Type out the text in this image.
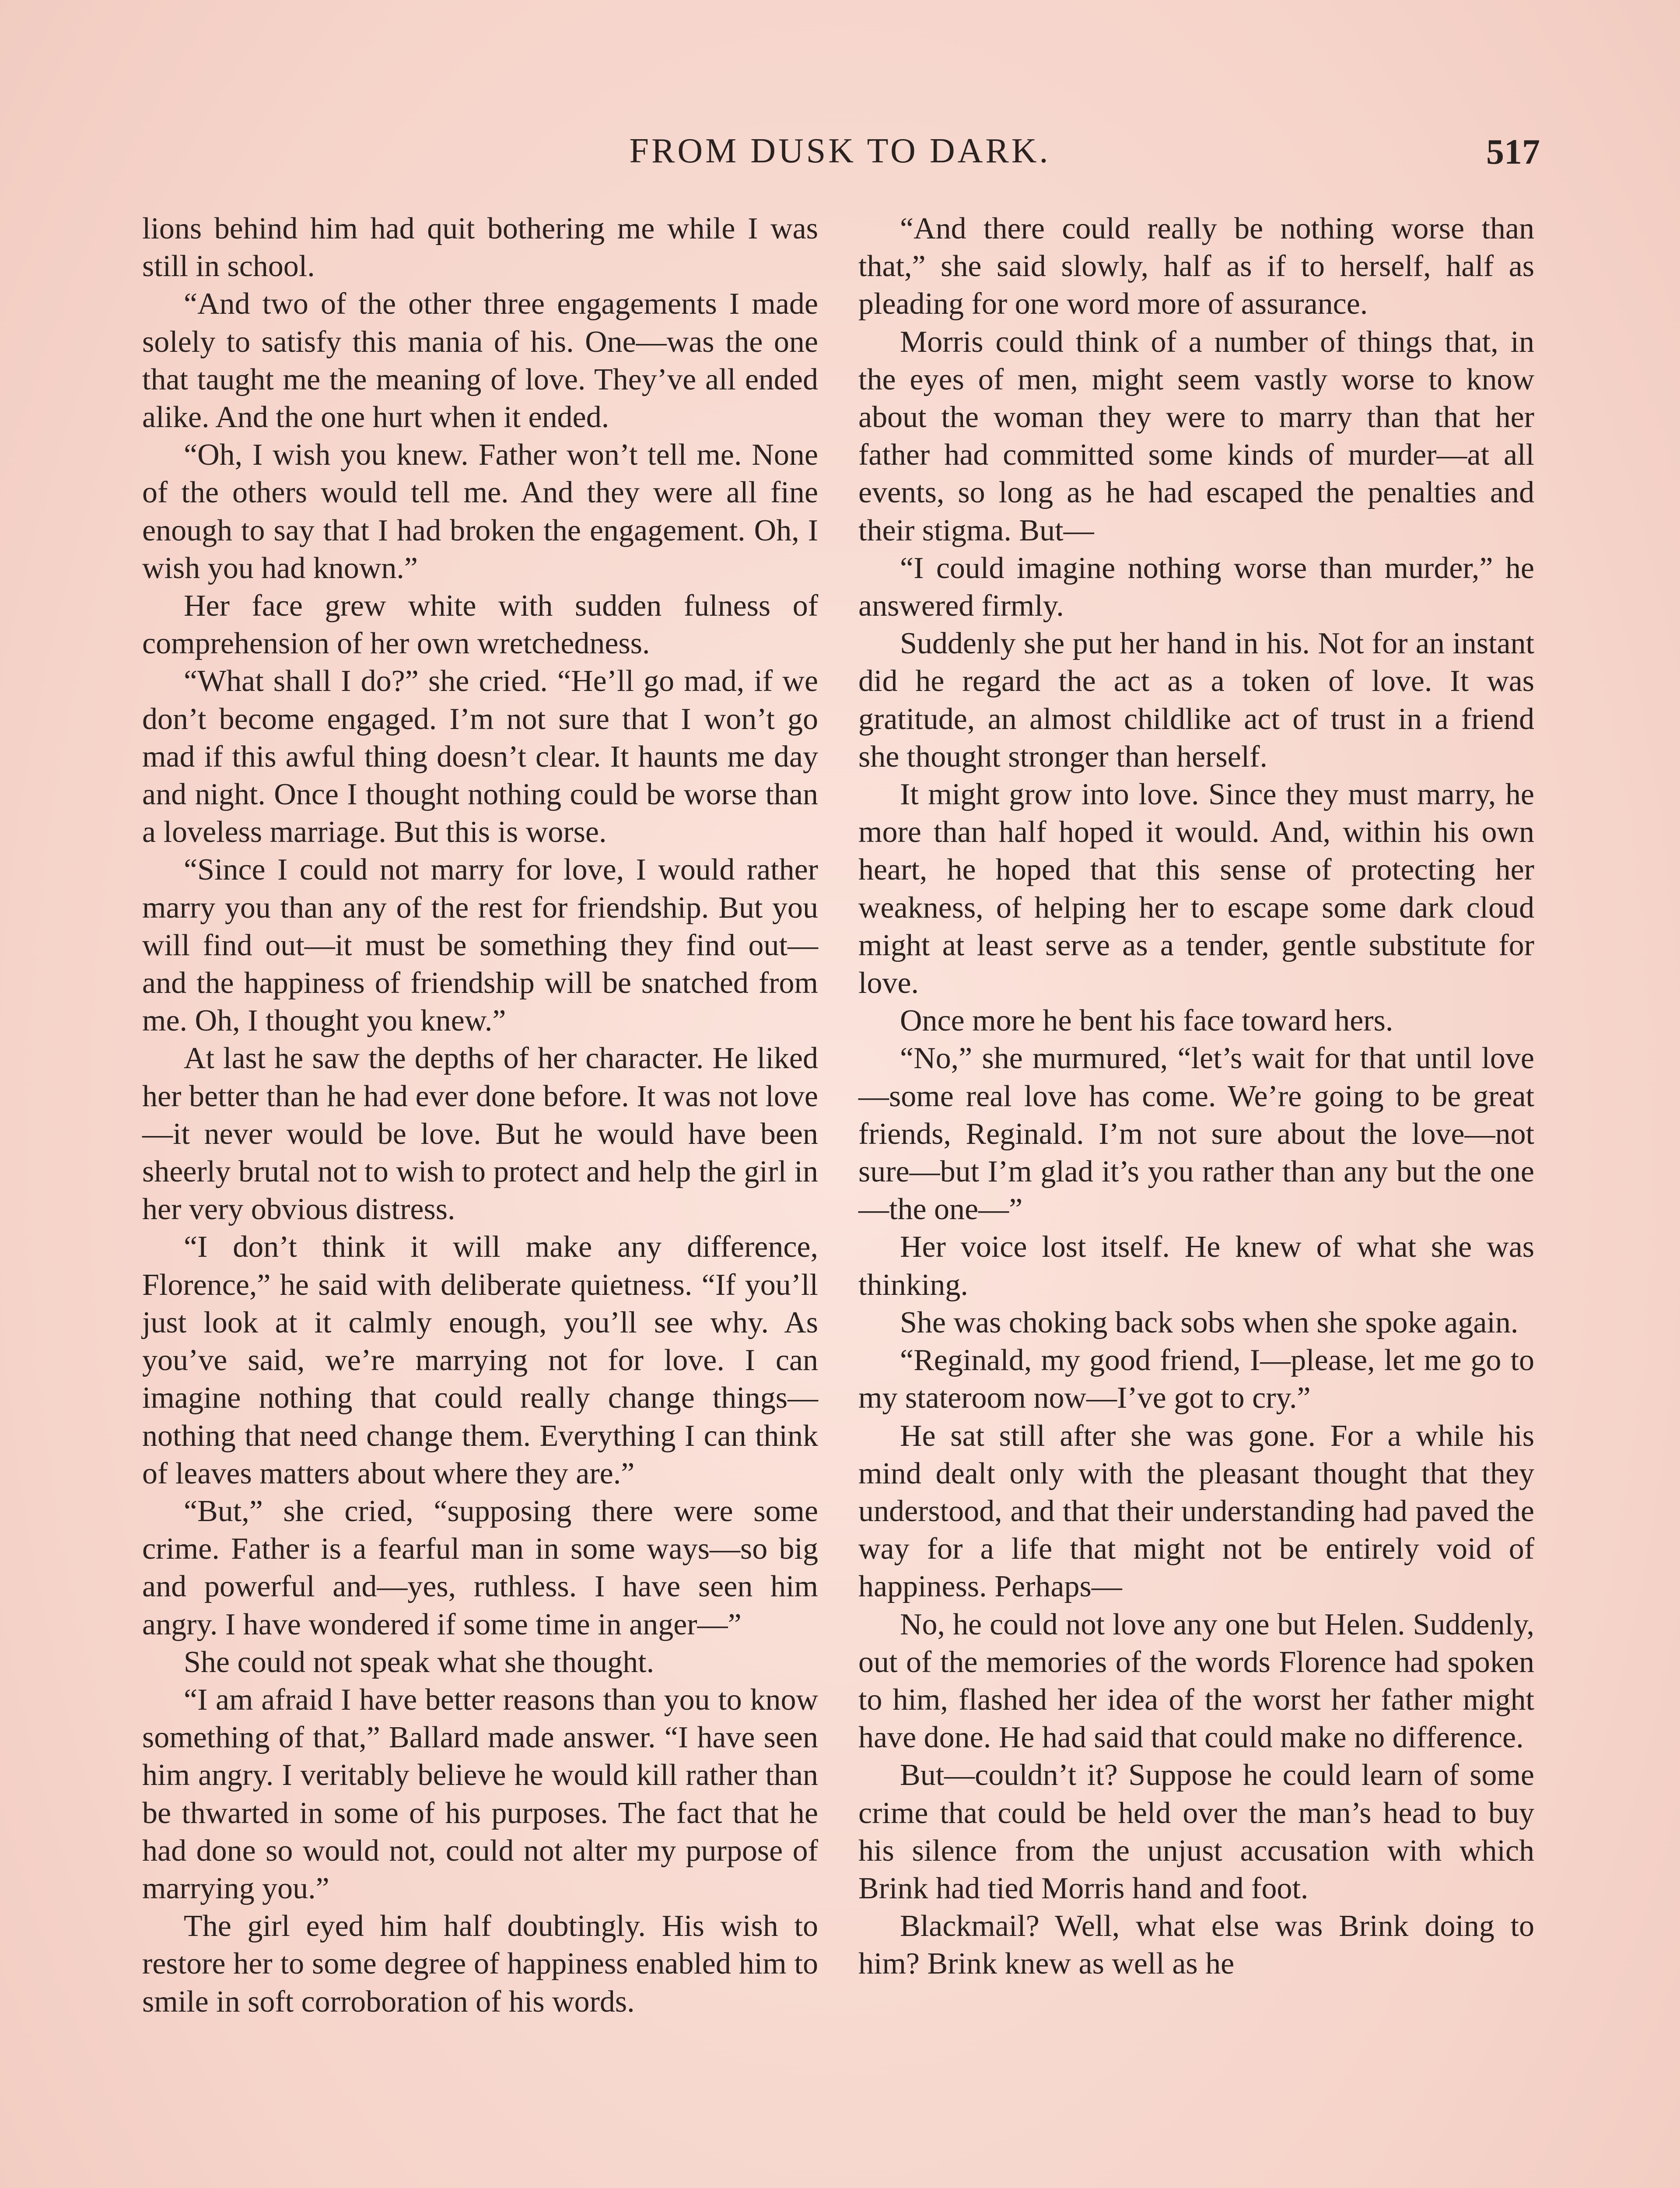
FROM DUSK TO DARK.	517

lions behind him had quit bothering me while I was still in school.

“And two of the other three engagements I made solely to satisfy this mania of his. One—was the one that taught me the meaning of love. They’ve all ended alike. And the one hurt when it ended.

“Oh, I wish you knew. Father won’t tell me. None of the others would tell me. And they were all fine enough to say that I had broken the engagement. Oh, I wish you had known.”

Her face grew white with sudden fulness of comprehension of her own wretchedness.

“What shall I do?” she cried. “He’ll go mad, if we don’t become engaged. I’m not sure that I won’t go mad if this awful thing doesn’t clear. It haunts me day and night. Once I thought nothing could be worse than a loveless marriage. But this is worse.

“Since I could not marry for love, I would rather marry you than any of the rest for friendship. But you will find out—it must be something they find out—and the happiness of friendship will be snatched from me. Oh, I thought you knew.”

At last he saw the depths of her character. He liked her better than he had ever done before. It was not love—it never would be love. But he would have been sheerly brutal not to wish to protect and help the girl in her very obvious distress.

“I don’t think it will make any difference, Florence,” he said with deliberate quietness. “If you’ll just look at it calmly enough, you’ll see why. As you’ve said, we’re marrying not for love. I can imagine nothing that could really change things—nothing that need change them. Everything I can think of leaves matters about where they are.”

“But,” she cried, “supposing there were some crime. Father is a fearful man in some ways—so big and powerful and—yes, ruthless. I have seen him angry. I have wondered if some time in anger—”

She could not speak what she thought.

“I am afraid I have better reasons than you to know something of that,” Ballard made answer. “I have seen him angry. I veritably believe he would kill rather than be thwarted in some of his purposes. The fact that he had done so would not, could not alter my purpose of marrying you.”

The girl eyed him half doubtingly. His wish to restore her to some degree of happiness enabled him to smile in soft corroboration of his words.

“And there could really be nothing worse than that,” she said slowly, half as if to herself, half as pleading for one word more of assurance.

Morris could think of a number of things that, in the eyes of men, might seem vastly worse to know about the woman they were to marry than that her father had committed some kinds of murder—at all events, so long as he had escaped the penalties and their stigma. But—

“I could imagine nothing worse than murder,” he answered firmly.

Suddenly she put her hand in his. Not for an instant did he regard the act as a token of love. It was gratitude, an almost childlike act of trust in a friend she thought stronger than herself.

It might grow into love. Since they must marry, he more than half hoped it would. And, within his own heart, he hoped that this sense of protecting her weakness, of helping her to escape some dark cloud might at least serve as a tender, gentle substitute for love.

Once more he bent his face toward hers.

“No,” she murmured, “let’s wait for that until love—some real love has come. We’re going to be great friends, Reginald. I’m not sure about the love—not sure—but I’m glad it’s you rather than any but the one—the one—”

Her voice lost itself. He knew of what she was thinking.

She was choking back sobs when she spoke again.

“Reginald, my good friend, I—please, let me go to my stateroom now—I’ve got to cry.”

He sat still after she was gone. For a while his mind dealt only with the pleasant thought that they understood, and that their understanding had paved the way for a life that might not be entirely void of happiness. Perhaps—

No, he could not love any one but Helen. Suddenly, out of the memories of the words Florence had spoken to him, flashed her idea of the worst her father might have done. He had said that could make no difference.

But—couldn’t it? Suppose he could learn of some crime that could be held over the man’s head to buy his silence from the unjust accusation with which Brink had tied Morris hand and foot.

Blackmail? Well, what else was Brink doing to him? Brink knew as well as he
